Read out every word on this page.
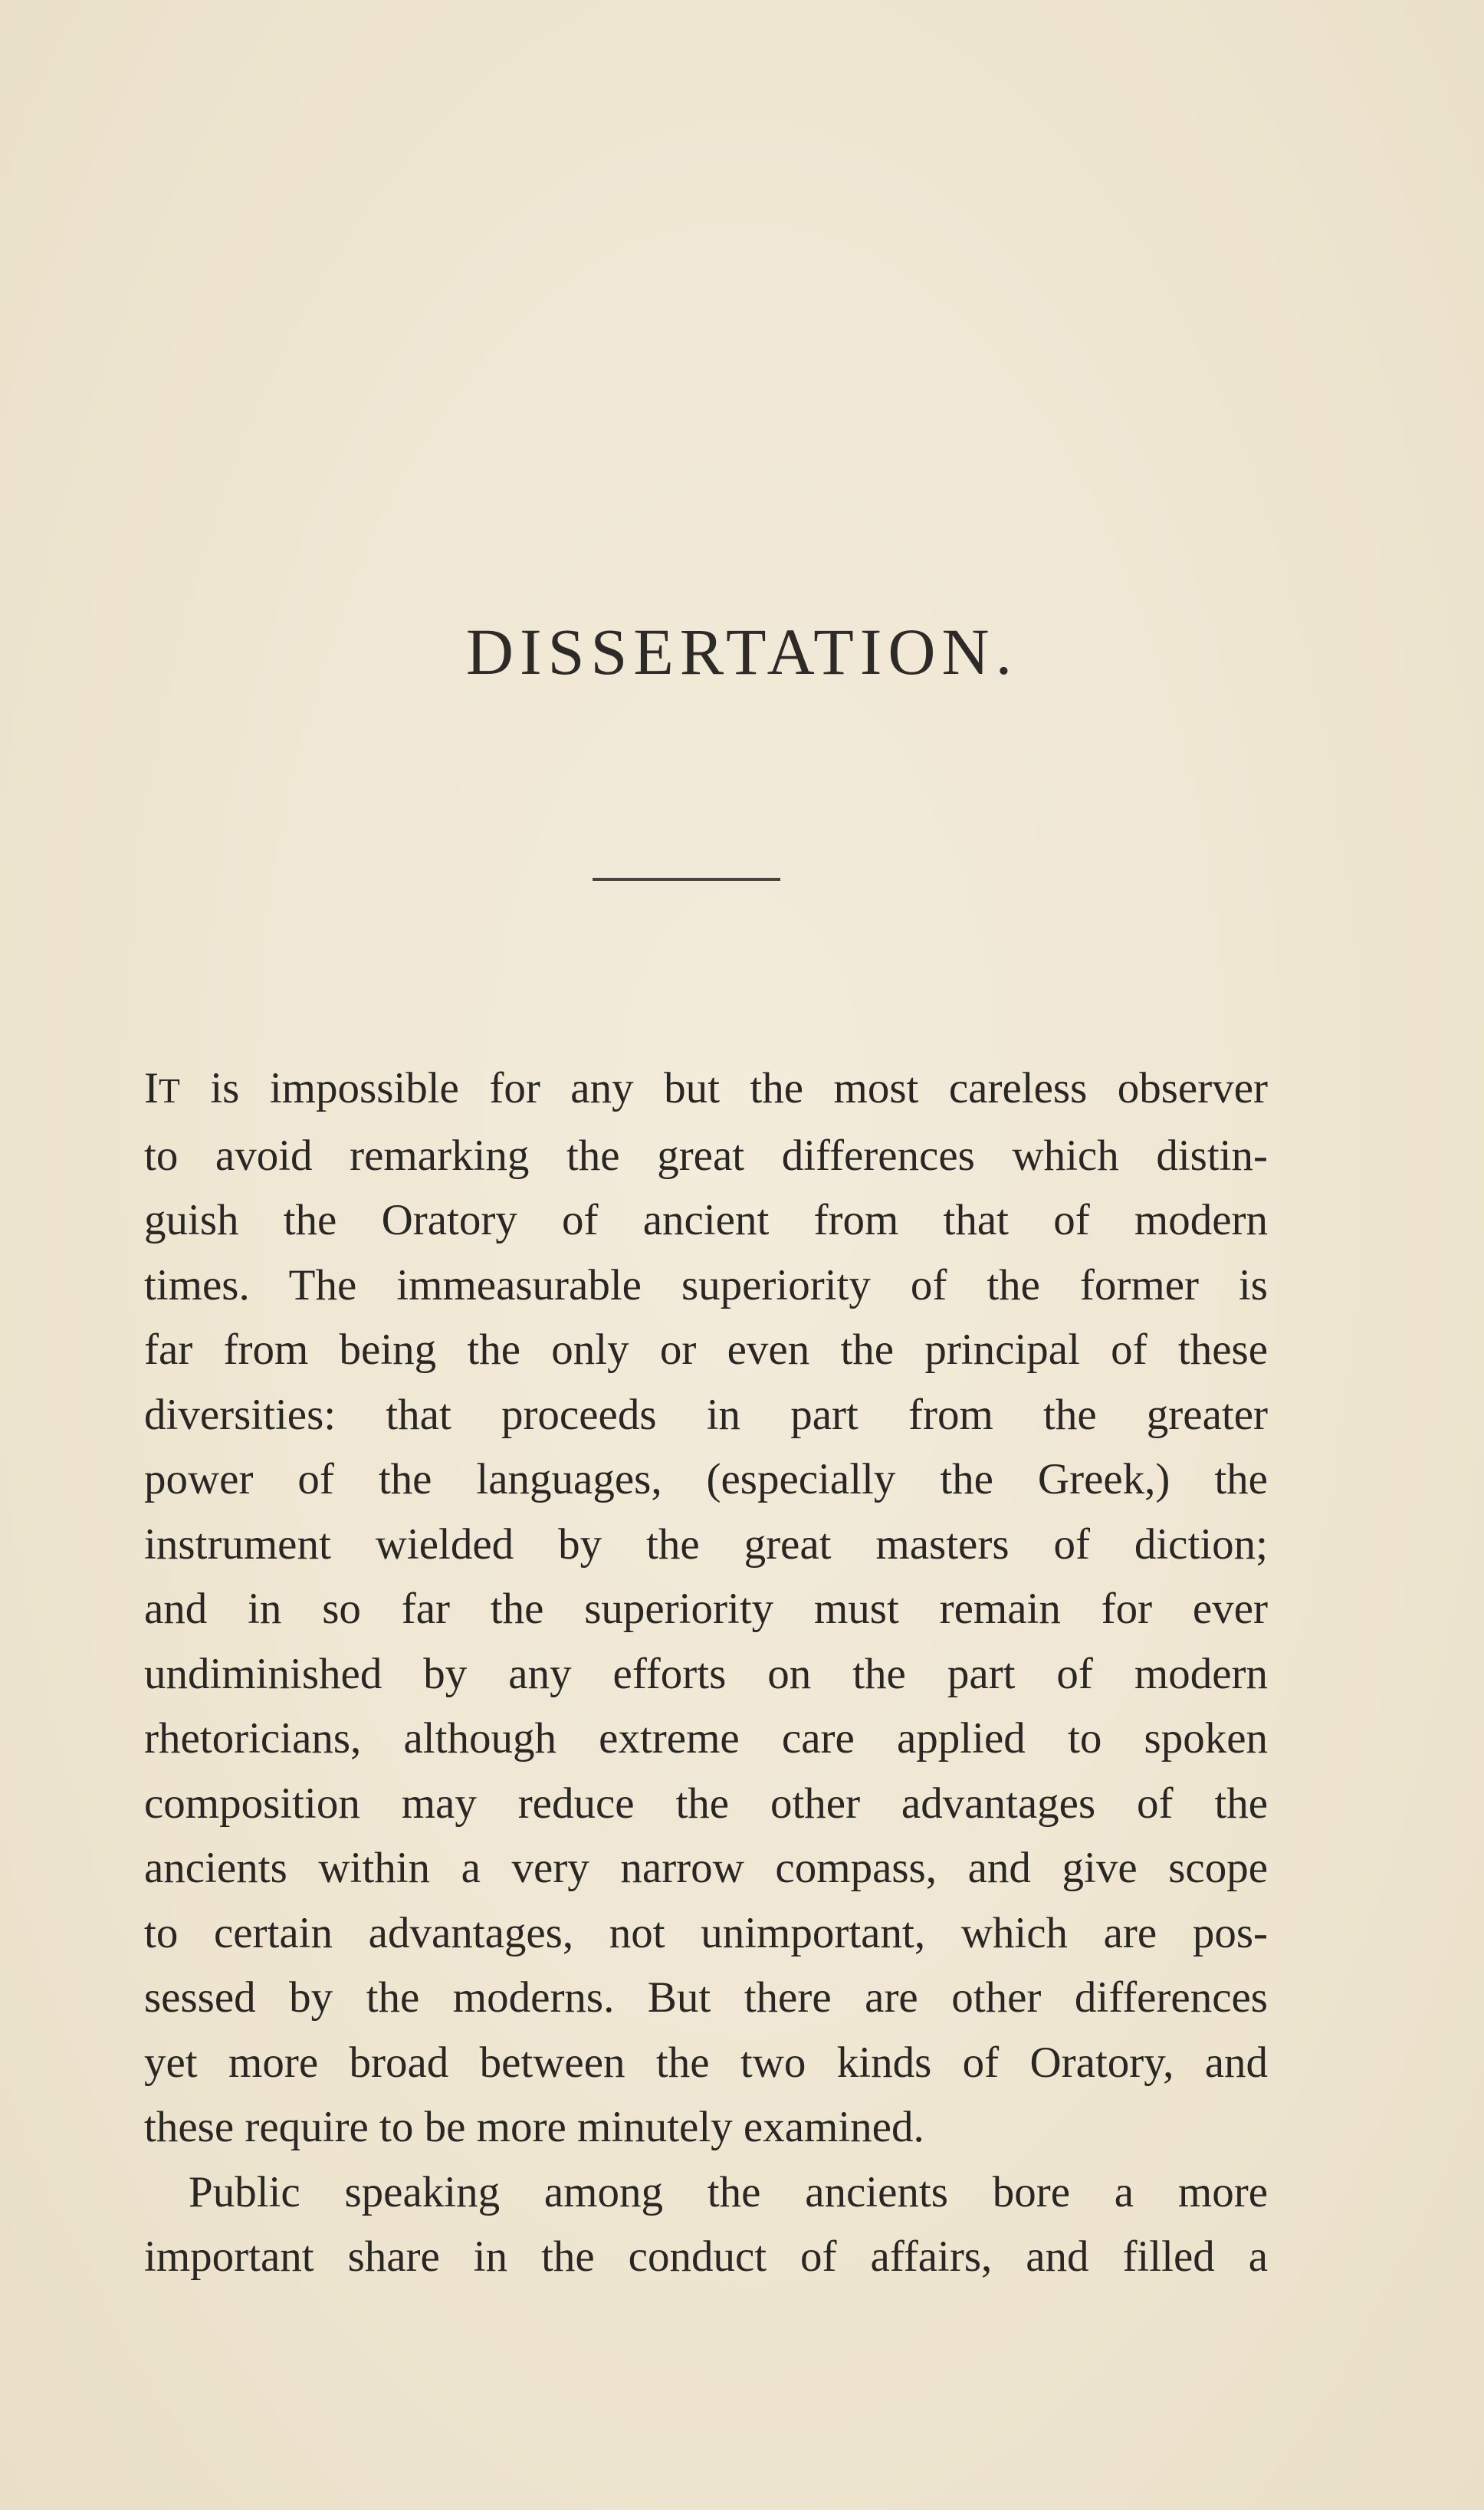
DISSERTATION.
IT is impossible for any but the most careless observer
to avoid remarking the great differences which distin-
guish the Oratory of ancient from that of modern
times. The immeasurable superiority of the former is
far from being the only or even the principal of these
diversities: that proceeds in part from the greater
power of the languages, (especially the Greek,) the
instrument wielded by the great masters of diction;
and in so far the superiority must remain for ever
undiminished by any efforts on the part of modern
rhetoricians, although extreme care applied to spoken
composition may reduce the other advantages of the
ancients within a very narrow compass, and give scope
to certain advantages, not unimportant, which are pos-
sessed by the moderns. But there are other differences
yet more broad between the two kinds of Oratory, and
these require to be more minutely examined.
Public speaking among the ancients bore a more
important share in the conduct of affairs, and filled a
